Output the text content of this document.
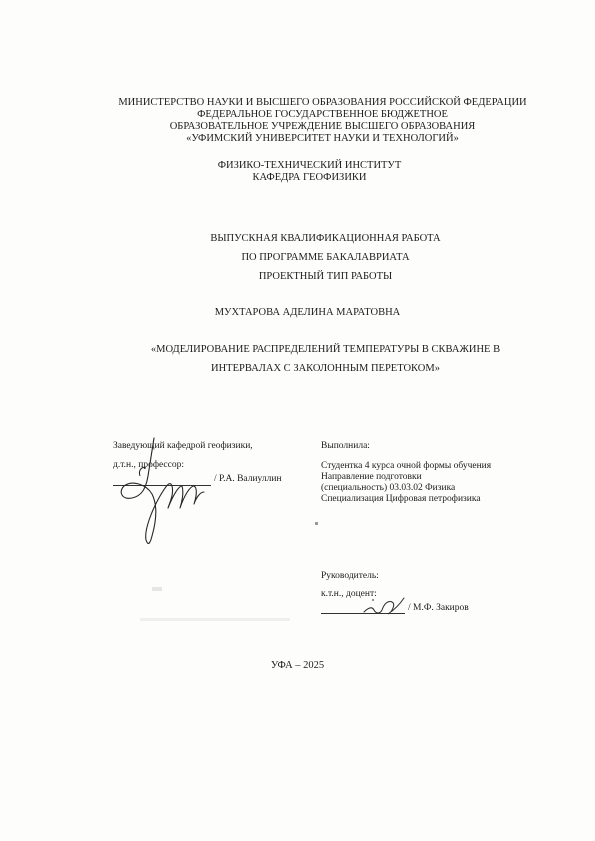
МИНИСТЕРСТВО НАУКИ И ВЫСШЕГО ОБРАЗОВАНИЯ РОССИЙСКОЙ ФЕДЕРАЦИИ
ФЕДЕРАЛЬНОЕ ГОСУДАРСТВЕННОЕ БЮДЖЕТНОЕ
ОБРАЗОВАТЕЛЬНОЕ УЧРЕЖДЕНИЕ ВЫСШЕГО ОБРАЗОВАНИЯ
«УФИМСКИЙ УНИВЕРСИТЕТ НАУКИ И ТЕХНОЛОГИЙ»
ФИЗИКО-ТЕХНИЧЕСКИЙ ИНСТИТУТ
КАФЕДРА ГЕОФИЗИКИ
ВЫПУСКНАЯ КВАЛИФИКАЦИОННАЯ РАБОТА
ПО ПРОГРАММЕ БАКАЛАВРИАТА
ПРОЕКТНЫЙ ТИП РАБОТЫ
МУХТАРОВА АДЕЛИНА МАРАТОВНА
«МОДЕЛИРОВАНИЕ РАСПРЕДЕЛЕНИЙ ТЕМПЕРАТУРЫ В СКВАЖИНЕ В
ИНТЕРВАЛАХ С ЗАКОЛОННЫМ ПЕРЕТОКОМ»
Заведующий кафедрой геофизики,
д.т.н., профессор:
/ Р.А. Валиуллин
Выполнила:
Студентка 4 курса очной формы обучения
Направление подготовки
(специальность) 03.03.02 Физика
Специализация Цифровая петрофизика
Руководитель:
к.т.н., доцент:
/ М.Ф. Закиров
УФА – 2025
